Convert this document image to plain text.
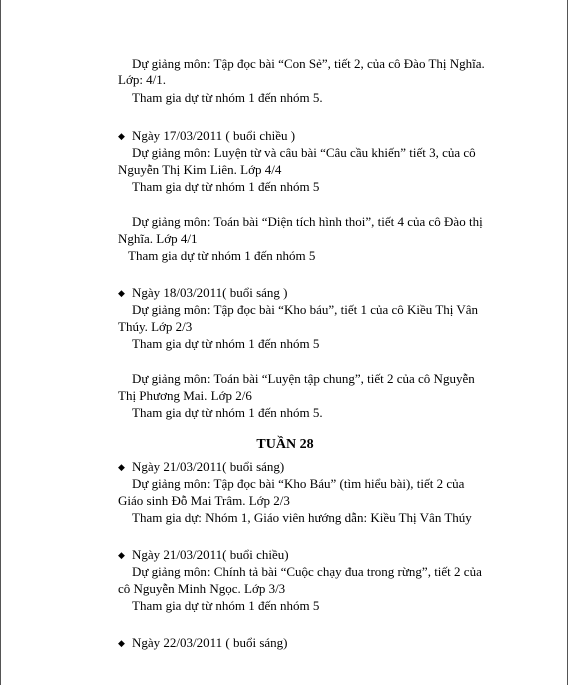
Dự giảng môn: Tập đọc bài “Con Sẻ”, tiết 2, của cô Đào Thị Nghĩa.
Lớp: 4/1.
Tham gia dự từ nhóm 1 đến nhóm 5.
◆ Ngày 17/03/2011 ( buổi chiều )
Dự giảng môn: Luyện từ và câu bài “Câu cầu khiến” tiết 3, của cô
Nguyễn Thị Kim Liên. Lớp 4/4
Tham gia dự từ nhóm 1 đến nhóm 5
Dự giảng môn: Toán bài “Diện tích hình thoi”, tiết 4 của cô Đào thị
Nghĩa. Lớp 4/1
Tham gia dự từ nhóm 1 đến nhóm 5
◆ Ngày 18/03/2011( buổi sáng )
Dự giảng môn: Tập đọc bài “Kho báu”, tiết 1 của cô Kiều Thị Vân
Thúy. Lớp 2/3
Tham gia dự từ nhóm 1 đến nhóm 5
Dự giảng môn: Toán bài “Luyện tập chung”, tiết 2 của cô Nguyễn
Thị Phương Mai. Lớp 2/6
Tham gia dự từ nhóm 1 đến nhóm 5.
TUẦN 28
◆ Ngày 21/03/2011( buổi sáng)
Dự giảng môn: Tập đọc bài “Kho Báu” (tìm hiểu bài), tiết 2 của
Giáo sinh Đỗ Mai Trâm. Lớp 2/3
Tham gia dự: Nhóm 1, Giáo viên hướng dẫn: Kiều Thị Vân Thúy
◆ Ngày 21/03/2011( buổi chiều)
Dự giảng môn: Chính tả bài “Cuộc chạy đua trong rừng”, tiết 2 của
cô Nguyễn Minh Ngọc. Lớp 3/3
Tham gia dự từ nhóm 1 đến nhóm 5
◆ Ngày 22/03/2011 ( buổi sáng)
